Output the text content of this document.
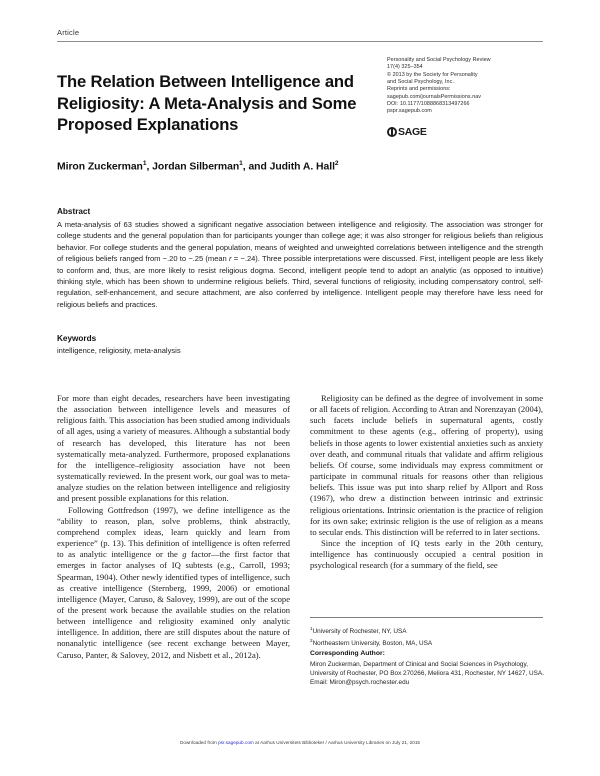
Article
The Relation Between Intelligence and Religiosity: A Meta-Analysis and Some Proposed Explanations
Personality and Social Psychology Review
17(4) 325–354
© 2013 by the Society for Personality
and Social Psychology, Inc.
Reprints and permissions:
sagepub.com/journalsPermissions.nav
DOI: 10.1177/1088868313497266
pspr.sagepub.com
SAGE
Miron Zuckerman$^1$, Jordan Silberman$^1$, and Judith A. Hall$^2$
Abstract
A meta-analysis of 63 studies showed a significant negative association between intelligence and religiosity. The association was stronger for college students and the general population than for participants younger than college age; it was also stronger for religious beliefs than religious behavior. For college students and the general population, means of weighted and unweighted correlations between intelligence and the strength of religious beliefs ranged from −.20 to −.25 (mean r = −.24). Three possible interpretations were discussed. First, intelligent people are less likely to conform and, thus, are more likely to resist religious dogma. Second, intelligent people tend to adopt an analytic (as opposed to intuitive) thinking style, which has been shown to undermine religious beliefs. Third, several functions of religiosity, including compensatory control, self-regulation, self-enhancement, and secure attachment, are also conferred by intelligence. Intelligent people may therefore have less need for religious beliefs and practices.
Keywords
intelligence, religiosity, meta-analysis

For more than eight decades, researchers have been investigating the association between intelligence levels and measures of religious faith. This association has been studied among individuals of all ages, using a variety of measures. Although a substantial body of research has developed, this literature has not been systematically meta-analyzed. Furthermore, proposed explanations for the intelligence–religiosity association have not been systematically reviewed. In the present work, our goal was to meta-analyze studies on the relation between intelligence and religiosity and present possible explanations for this relation.

Following Gottfredson (1997), we define intelligence as the “ability to reason, plan, solve problems, think abstractly, comprehend complex ideas, learn quickly and learn from experience” (p. 13). This definition of intelligence is often referred to as analytic intelligence or the g factor—the first factor that emerges in factor analyses of IQ subtests (e.g., Carroll, 1993; Spearman, 1904). Other newly identified types of intelligence, such as creative intelligence (Sternberg, 1999, 2006) or emotional intelligence (Mayer, Caruso, & Salovey, 1999), are out of the scope of the present work because the available studies on the relation between intelligence and religiosity examined only analytic intelligence. In addition, there are still disputes about the nature of nonanalytic intelligence (see recent exchange between Mayer, Caruso, Panter, & Salovey, 2012, and Nisbett et al., 2012a).

Religiosity can be defined as the degree of involvement in some or all facets of religion. According to Atran and Norenzayan (2004), such facets include beliefs in supernatural agents, costly commitment to these agents (e.g., offering of property), using beliefs in those agents to lower existential anxieties such as anxiety over death, and communal rituals that validate and affirm religious beliefs. Of course, some individuals may express commitment or participate in communal rituals for reasons other than religious beliefs. This issue was put into sharp relief by Allport and Ross (1967), who drew a distinction between intrinsic and extrinsic religious orientations. Intrinsic orientation is the practice of religion for its own sake; extrinsic religion is the use of religion as a means to secular ends. This distinction will be referred to in later sections.

Since the inception of IQ tests early in the 20th century, intelligence has continuously occupied a central position in psychological research (for a summary of the field, see

$^1$University of Rochester, NY, USA
$^2$Northeastern University, Boston, MA, USA
Corresponding Author:
Miron Zuckerman, Department of Clinical and Social Sciences in Psychology, University of Rochester, PO Box 270266, Meliora 431, Rochester, NY 14627, USA.
Email: Miron@psych.rochester.edu
Downloaded from psr.sagepub.com at Aarhus Universitets Biblioteker / Aarhus University Libraries on July 21, 2015
